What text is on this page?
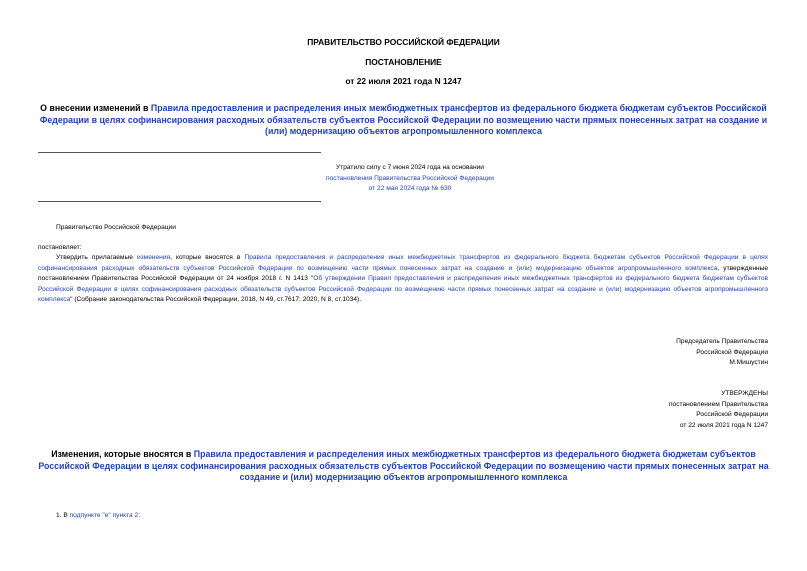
ПРАВИТЕЛЬСТВО РОССИЙСКОЙ ФЕДЕРАЦИИ
ПОСТАНОВЛЕНИЕ
от 22 июля 2021 года N 1247
О внесении изменений в Правила предоставления и распределения иных межбюджетных трансфертов из федерального бюджета бюджетам субъектов Российской Федерации в целях софинансирования расходных обязательств субъектов Российской Федерации по возмещению части прямых понесенных затрат на создание и (или) модернизацию объектов агропромышленного комплекса
Утратило силу с 7 июня 2024 года на основании
постановления Правительства Российской Федерации
от 22 мая 2024 года № 630
Правительство Российской Федерации
постановляет:
Утвердить прилагаемые изменения, которые вносятся в Правила предоставления и распределения иных межбюджетных трансфертов из федерального бюджета бюджетам субъектов Российской Федерации в целях софинансирования расходных обязательств субъектов Российской Федерации по возмещению части прямых понесенных затрат на создание и (или) модернизацию объектов агропромышленного комплекса, утвержденные постановлением Правительства Российской Федерации от 24 ноября 2018 г. N 1413 "Об утверждении Правил предоставления и распределения иных межбюджетных трансфертов из федерального бюджета бюджетам субъектов Российской Федерации в целях софинансирования расходных обязательств субъектов Российской Федерации по возмещению части прямых понесенных затрат на создание и (или) модернизацию объектов агропромышленного комплекса" (Собрание законодательства Российской Федерации, 2018, N 49, ст.7617; 2020, N 8, ст.1034).
Председатель Правительства
Российской Федерации
М.Мишустин
УТВЕРЖДЕНЫ
постановлением Правительства
Российской Федерации
от 22 июля 2021 года N 1247
Изменения, которые вносятся в Правила предоставления и распределения иных межбюджетных трансфертов из федерального бюджета бюджетам субъектов Российской Федерации в целях софинансирования расходных обязательств субъектов Российской Федерации по возмещению части прямых понесенных затрат на создание и (или) модернизацию объектов агропромышленного комплекса
1. В подпункте "е" пункта 2:
